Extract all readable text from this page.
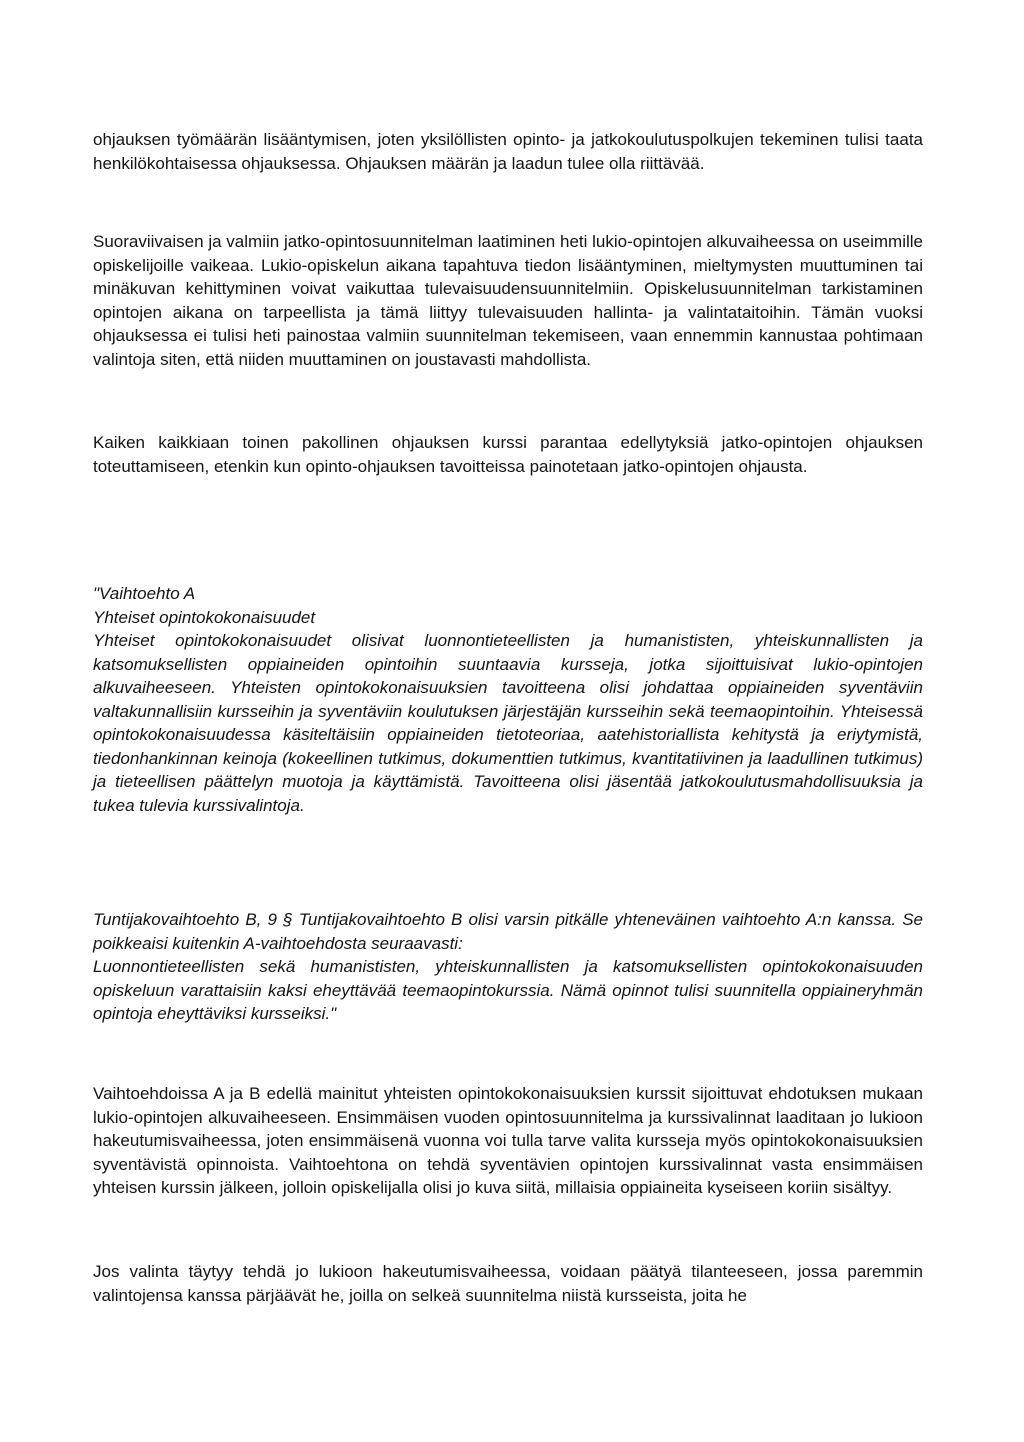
ohjauksen työmäärän lisääntymisen, joten yksilöllisten opinto- ja jatkokoulutuspolkujen tekeminen tulisi taata henkilökohtaisessa ohjauksessa. Ohjauksen määrän ja laadun tulee olla riittävää.

Suoraviivaisen ja valmiin jatko-opintosuunnitelman laatiminen heti lukio-opintojen alkuvaiheessa on useimmille opiskelijoille vaikeaa. Lukio-opiskelun aikana tapahtuva tiedon lisääntyminen, mieltymysten muuttuminen tai minäkuvan kehittyminen voivat vaikuttaa tulevaisuudensuunnitelmiin. Opiskelusuunnitelman tarkistaminen opintojen aikana on tarpeellista ja tämä liittyy tulevaisuuden hallinta- ja valintataitoihin. Tämän vuoksi ohjauksessa ei tulisi heti painostaa valmiin suunnitelman tekemiseen, vaan ennemmin kannustaa pohtimaan valintoja siten, että niiden muuttaminen on joustavasti mahdollista.

Kaiken kaikkiaan toinen pakollinen ohjauksen kurssi parantaa edellytyksiä jatko-opintojen ohjauksen toteuttamiseen, etenkin kun opinto-ohjauksen tavoitteissa painotetaan jatko-opintojen ohjausta.

"Vaihtoehto A
Yhteiset opintokokonaisuudet
Yhteiset opintokokonaisuudet olisivat luonnontieteellisten ja humanististen, yhteiskunnallisten ja katsomuksellisten oppiaineiden opintoihin suuntaavia kursseja, jotka sijoittuisivat lukio-opintojen alkuvaiheeseen. Yhteisten opintokokonaisuuksien tavoitteena olisi johdattaa oppiaineiden syventäviin valtakunnallisiin kursseihin ja syventäviin koulutuksen järjestäjän kursseihin sekä teemaopintoihin. Yhteisessä opintokokonaisuudessa käsiteltäisiin oppiaineiden tietoteoriaa, aatehistoriallista kehitystä ja eriytymistä, tiedonhankinnan keinoja (kokeellinen tutkimus, dokumenttien tutkimus, kvantitatiivinen ja laadullinen tutkimus) ja tieteellisen päättelyn muotoja ja käyttämistä. Tavoitteena olisi jäsentää jatkokoulutusmahdollisuuksia ja tukea tulevia kurssivalintoja.
Tuntijakovaihtoehto B, 9 § Tuntijakovaihtoehto B olisi varsin pitkälle yhteneväinen vaihtoehto A:n kanssa. Se poikkeaisi kuitenkin A-vaihtoehdosta seuraavasti:
Luonnontieteellisten sekä humanististen, yhteiskunnallisten ja katsomuksellisten opintokokonaisuuden opiskeluun varattaisiin kaksi eheyttävää teemaopintokurssia. Nämä opinnot tulisi suunnitella oppiaineryhmän opintoja eheyttäviksi kursseiksi."

Vaihtoehdoissa A ja B edellä mainitut yhteisten opintokokonaisuuksien kurssit sijoittuvat ehdotuksen mukaan lukio-opintojen alkuvaiheeseen. Ensimmäisen vuoden opintosuunnitelma ja kurssivalinnat laaditaan jo lukioon hakeutumisvaiheessa, joten ensimmäisenä vuonna voi tulla tarve valita kursseja myös opintokokonaisuuksien syventävistä opinnoista. Vaihtoehtona on tehdä syventävien opintojen kurssivalinnat vasta ensimmäisen yhteisen kurssin jälkeen, jolloin opiskelijalla olisi jo kuva siitä, millaisia oppiaineita kyseiseen koriin sisältyy.

Jos valinta täytyy tehdä jo lukioon hakeutumisvaiheessa, voidaan päätyä tilanteeseen, jossa paremmin valintojensa kanssa pärjäävät he, joilla on selkeä suunnitelma niistä kursseista, joita he
